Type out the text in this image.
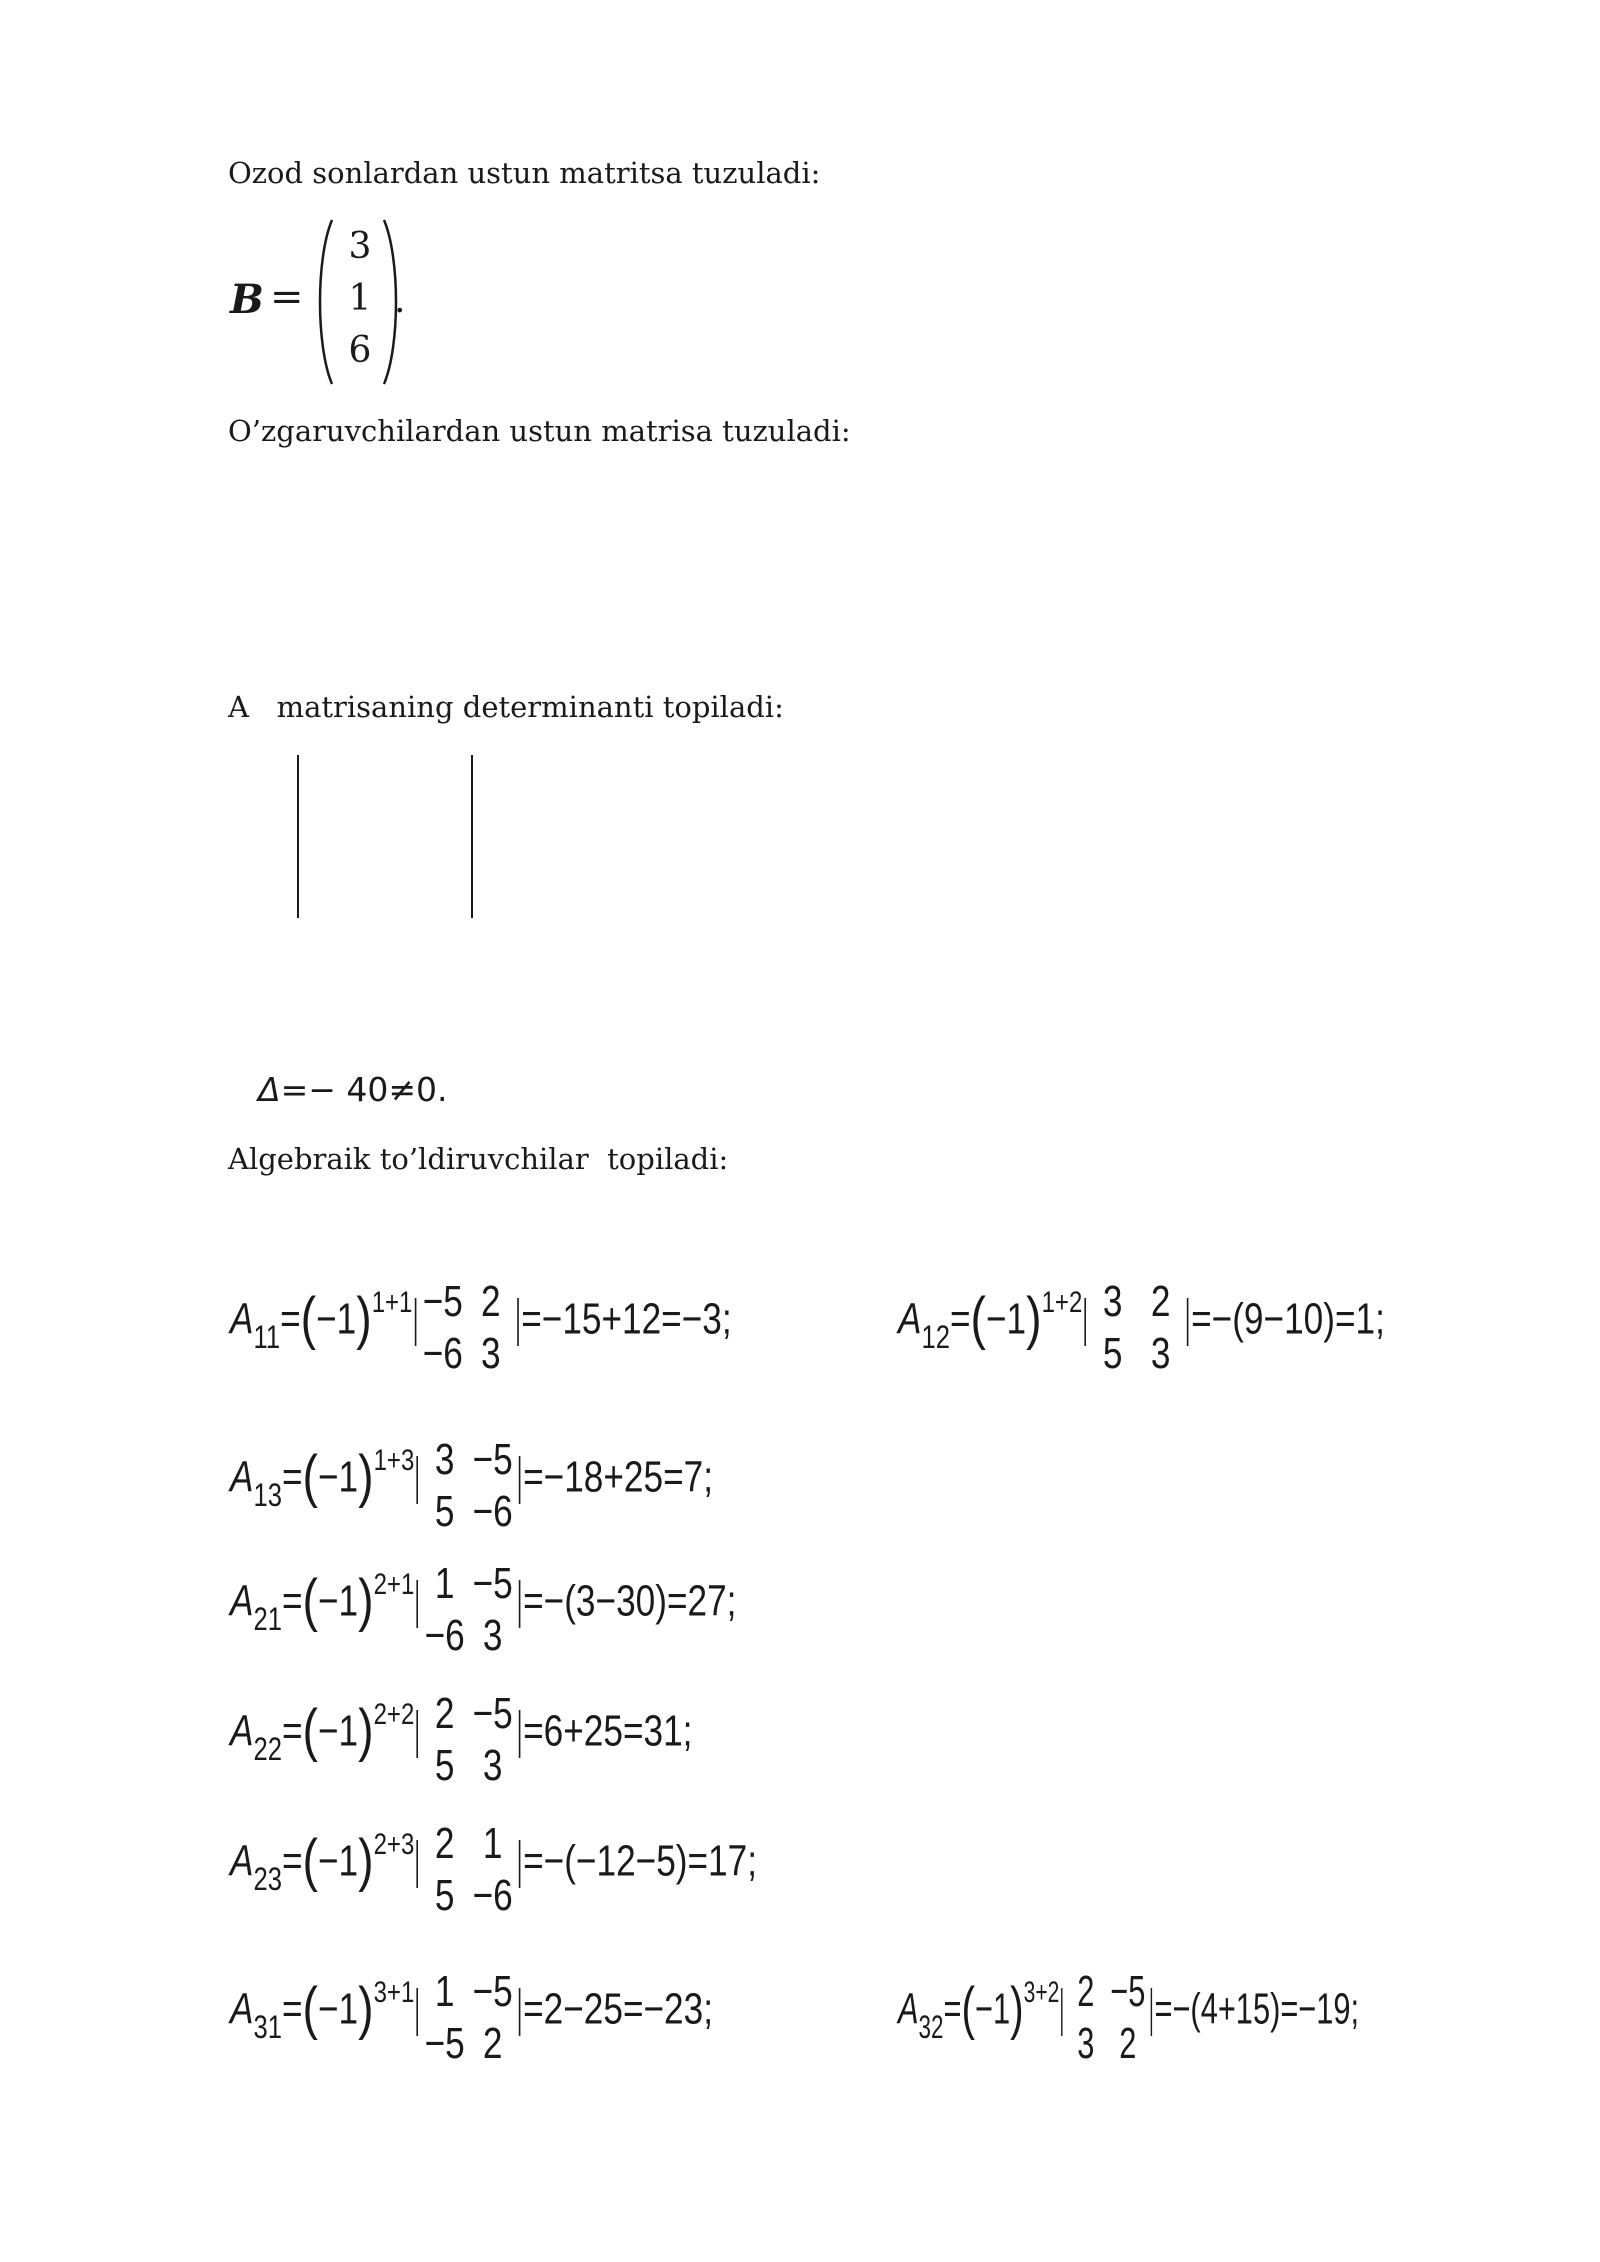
Ozod sonlardan ustun matritsa tuzuladi:
B =
3
1
6
.
O’zgaruvchilardan ustun matrisa tuzuladi:
A   matrisaning determinanti topiladi:
Δ=− 40≠0.
Algebraik to’ldiruvchilar  topiladi:
$A_{11}=(-1)^{1+1} -5$ 2
−6 3
=−15+12=−3;	$A_{12}=(-1)^{1+2}$ 3 2
5 3
=−(9−10)=1;
$A_{13}=(-1)^{1+3}$ 3 −5
5 −6
=−18+25=7;
$A_{21}=(-1)^{2+1}$ 1 −5
−6 3
=−(3−30)=27;
$A_{22}=(-1)^{2+2}$ 2 −5
5 3
=6+25=31;
$A_{23}=(-1)^{2+3}$ 2 1
5 −6
=−(−12−5)=17;
$A_{31}=(-1)^{3+1}$ 1 −5
−5 2
=2−25=−23;	$A_{32}=(-1)^{3+2}$ 2 −5
3 2
=−(4+15)=−19;
